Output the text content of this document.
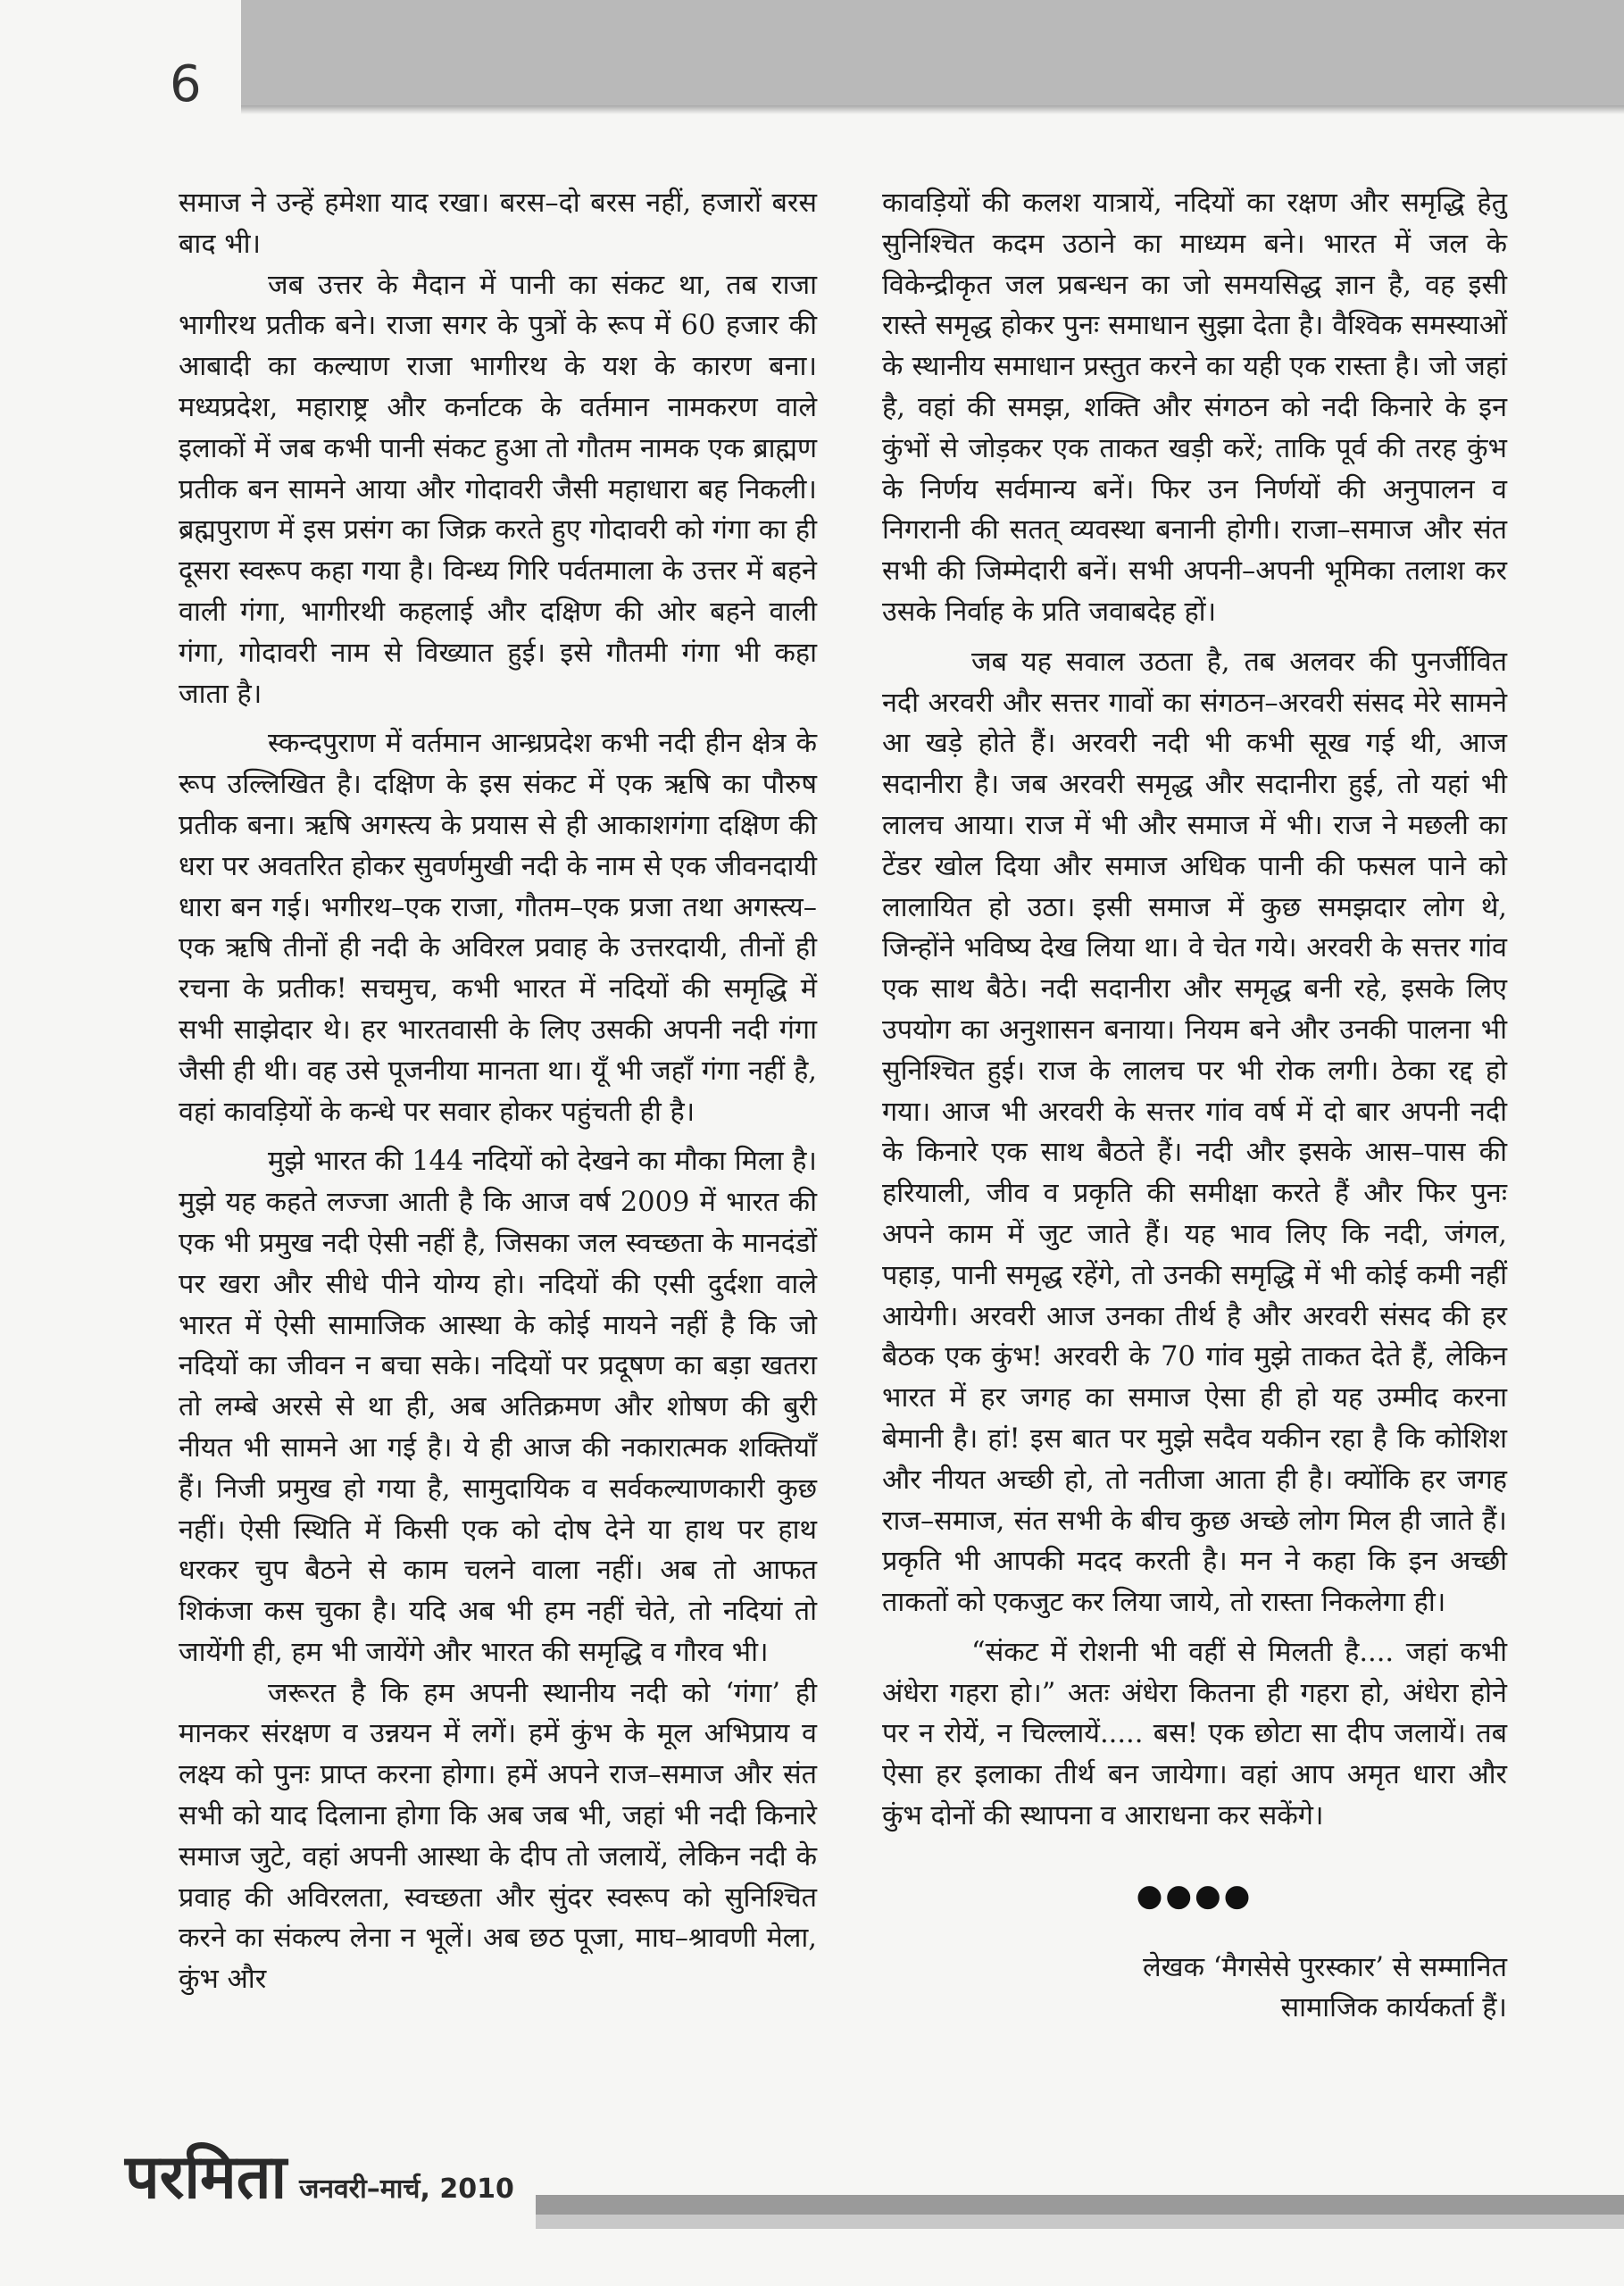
6

समाज ने उन्हें हमेशा याद रखा। बरस–दो बरस नहीं, हजारों बरस बाद भी।

जब उत्तर के मैदान में पानी का संकट था, तब राजा भागीरथ प्रतीक बने। राजा सगर के पुत्रों के रूप में 60 हजार की आबादी का कल्याण राजा भागीरथ के यश के कारण बना। मध्यप्रदेश, महाराष्ट्र और कर्नाटक के वर्तमान नामकरण वाले इलाकों में जब कभी पानी संकट हुआ तो गौतम नामक एक ब्राह्मण प्रतीक बन सामने आया और गोदावरी जैसी महाधारा बह निकली। ब्रह्मपुराण में इस प्रसंग का जिक्र करते हुए गोदावरी को गंगा का ही दूसरा स्वरूप कहा गया है। विन्ध्य गिरि पर्वतमाला के उत्तर में बहने वाली गंगा, भागीरथी कहलाई और दक्षिण की ओर बहने वाली गंगा, गोदावरी नाम से विख्यात हुई। इसे गौतमी गंगा भी कहा जाता है।

स्कन्दपुराण में वर्तमान आन्ध्रप्रदेश कभी नदी हीन क्षेत्र के रूप उल्लिखित है। दक्षिण के इस संकट में एक ऋषि का पौरुष प्रतीक बना। ऋषि अगस्त्य के प्रयास से ही आकाशगंगा दक्षिण की धरा पर अवतरित होकर सुवर्णमुखी नदी के नाम से एक जीवनदायी धारा बन गई। भगीरथ–एक राजा, गौतम–एक प्रजा तथा अगस्त्य– एक ऋषि तीनों ही नदी के अविरल प्रवाह के उत्तरदायी, तीनों ही रचना के प्रतीक! सचमुच, कभी भारत में नदियों की समृद्धि में सभी साझेदार थे। हर भारतवासी के लिए उसकी अपनी नदी गंगा जैसी ही थी। वह उसे पूजनीया मानता था। यूँ भी जहाँ गंगा नहीं है, वहां कावड़ियों के कन्धे पर सवार होकर पहुंचती ही है।

मुझे भारत की 144 नदियों को देखने का मौका मिला है। मुझे यह कहते लज्जा आती है कि आज वर्ष 2009 में भारत की एक भी प्रमुख नदी ऐसी नहीं है, जिसका जल स्वच्छता के मानदंडों पर खरा और सीधे पीने योग्य हो। नदियों की एसी दुर्दशा वाले भारत में ऐसी सामाजिक आस्था के कोई मायने नहीं है कि जो नदियों का जीवन न बचा सके। नदियों पर प्रदूषण का बड़ा खतरा तो लम्बे अरसे से था ही, अब अतिक्रमण और शोषण की बुरी नीयत भी सामने आ गई है। ये ही आज की नकारात्मक शक्तियाँ हैं। निजी प्रमुख हो गया है, सामुदायिक व सर्वकल्याणकारी कुछ नहीं। ऐसी स्थिति में किसी एक को दोष देने या हाथ पर हाथ धरकर चुप बैठने से काम चलने वाला नहीं। अब तो आफत शिकंजा कस चुका है। यदि अब भी हम नहीं चेते, तो नदियां तो जायेंगी ही, हम भी जायेंगे और भारत की समृद्धि व गौरव भी।

जरूरत है कि हम अपनी स्थानीय नदी को ‘गंगा’ ही मानकर संरक्षण व उन्नयन में लगें। हमें कुंभ के मूल अभिप्राय व लक्ष्य को पुनः प्राप्त करना होगा। हमें अपने राज–समाज और संत सभी को याद दिलाना होगा कि अब जब भी, जहां भी नदी किनारे समाज जुटे, वहां अपनी आस्था के दीप तो जलायें, लेकिन नदी के प्रवाह की अविरलता, स्वच्छता और सुंदर स्वरूप को सुनिश्चित करने का संकल्प लेना न भूलें। अब छठ पूजा, माघ–श्रावणी मेला, कुंभ और

कावड़ियों की कलश यात्रायें, नदियों का रक्षण और समृद्धि हेतु सुनिश्चित कदम उठाने का माध्यम बने। भारत में जल के विकेन्द्रीकृत जल प्रबन्धन का जो समयसिद्ध ज्ञान है, वह इसी रास्ते समृद्ध होकर पुनः समाधान सुझा देता है। वैश्विक समस्याओं के स्थानीय समाधान प्रस्तुत करने का यही एक रास्ता है। जो जहां है, वहां की समझ, शक्ति और संगठन को नदी किनारे के इन कुंभों से जोड़कर एक ताकत खड़ी करें; ताकि पूर्व की तरह कुंभ के निर्णय सर्वमान्य बनें। फिर उन निर्णयों की अनुपालन व निगरानी की सतत् व्यवस्था बनानी होगी। राजा–समाज और संत सभी की जिम्मेदारी बनें। सभी अपनी–अपनी भूमिका तलाश कर उसके निर्वाह के प्रति जवाबदेह हों।

जब यह सवाल उठता है, तब अलवर की पुनर्जीवित नदी अरवरी और सत्तर गावों का संगठन–अरवरी संसद मेरे सामने आ खड़े होते हैं। अरवरी नदी भी कभी सूख गई थी, आज सदानीरा है। जब अरवरी समृद्ध और सदानीरा हुई, तो यहां भी लालच आया। राज में भी और समाज में भी। राज ने मछली का टेंडर खोल दिया और समाज अधिक पानी की फसल पाने को लालायित हो उठा। इसी समाज में कुछ समझदार लोग थे, जिन्होंने भविष्य देख लिया था। वे चेत गये। अरवरी के सत्तर गांव एक साथ बैठे। नदी सदानीरा और समृद्ध बनी रहे, इसके लिए उपयोग का अनुशासन बनाया। नियम बने और उनकी पालना भी सुनिश्चित हुई। राज के लालच पर भी रोक लगी। ठेका रद्द हो गया। आज भी अरवरी के सत्तर गांव वर्ष में दो बार अपनी नदी के किनारे एक साथ बैठते हैं। नदी और इसके आस–पास की हरियाली, जीव व प्रकृति की समीक्षा करते हैं और फिर पुनः अपने काम में जुट जाते हैं। यह भाव लिए कि नदी, जंगल, पहाड़, पानी समृद्ध रहेंगे, तो उनकी समृद्धि में भी कोई कमी नहीं आयेगी। अरवरी आज उनका तीर्थ है और अरवरी संसद की हर बैठक एक कुंभ! अरवरी के 70 गांव मुझे ताकत देते हैं, लेकिन भारत में हर जगह का समाज ऐसा ही हो यह उम्मीद करना बेमानी है। हां! इस बात पर मुझे सदैव यकीन रहा है कि कोशिश और नीयत अच्छी हो, तो नतीजा आता ही है। क्योंकि हर जगह राज–समाज, संत सभी के बीच कुछ अच्छे लोग मिल ही जाते हैं। प्रकृति भी आपकी मदद करती है। मन ने कहा कि इन अच्छी ताकतों को एकजुट कर लिया जाये, तो रास्ता निकलेगा ही।

“संकट में रोशनी भी वहीं से मिलती है.... जहां कभी अंधेरा गहरा हो।” अतः अंधेरा कितना ही गहरा हो, अंधेरा होने पर न रोयें, न चिल्लायें..... बस! एक छोटा सा दीप जलायें। तब ऐसा हर इलाका तीर्थ बन जायेगा। वहां आप अमृत धारा और कुंभ दोनों की स्थापना व आराधना कर सकेंगे।

●●●●
लेखक ‘मैगसेसे पुरस्कार’ से सम्मानित
सामाजिक कार्यकर्ता हैं।
परमिता जनवरी–मार्च, 2010
